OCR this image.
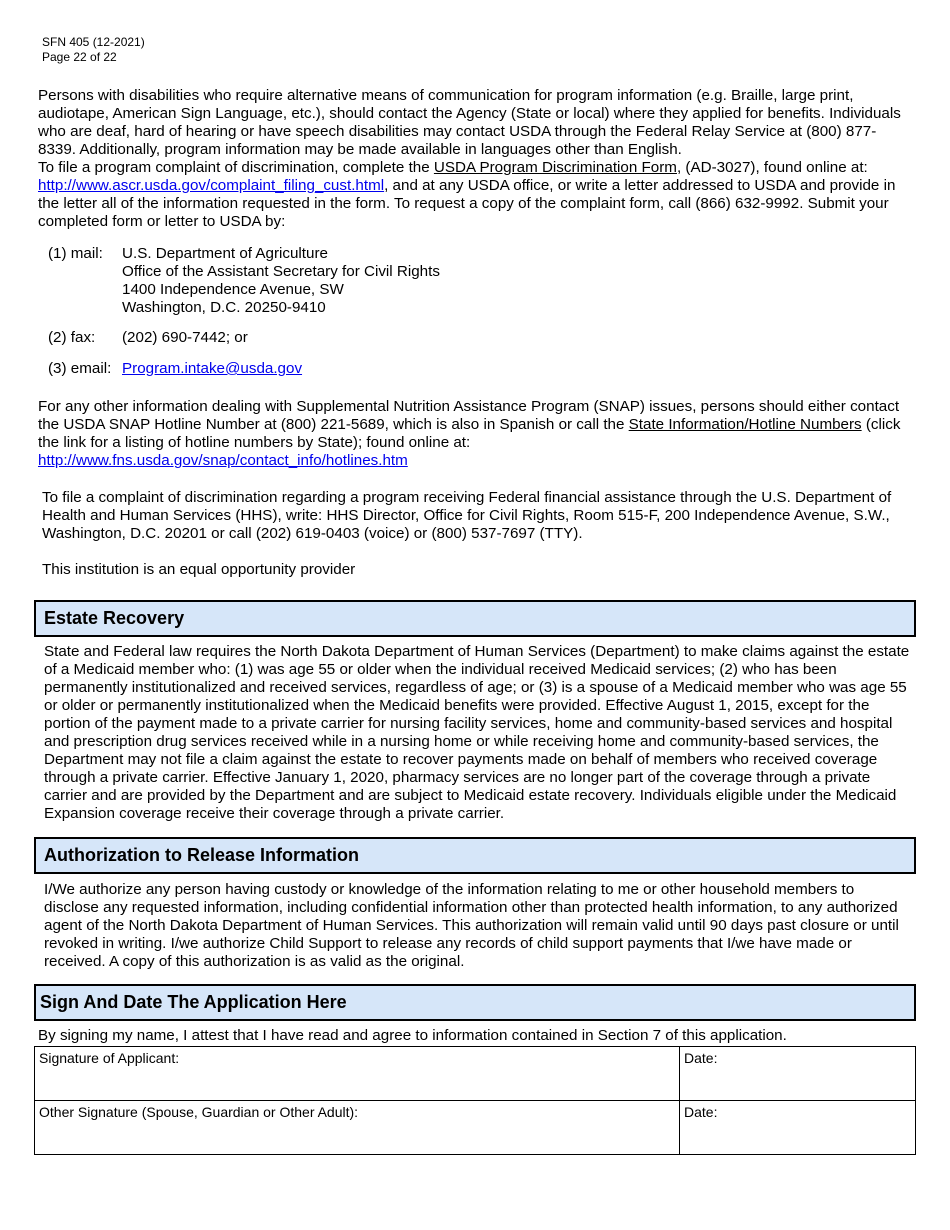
SFN 405 (12-2021)
Page 22 of 22
Persons with disabilities who require alternative means of communication for program information (e.g. Braille, large print, audiotape, American Sign Language, etc.), should contact the Agency (State or local) where they applied for benefits. Individuals who are deaf, hard of hearing or have speech disabilities may contact USDA through the Federal Relay Service at (800) 877-8339. Additionally, program information may be made available in languages other than English.
To file a program complaint of discrimination, complete the USDA Program Discrimination Form, (AD-3027), found online at: http://www.ascr.usda.gov/complaint_filing_cust.html, and at any USDA office, or write a letter addressed to USDA and provide in the letter all of the information requested in the form. To request a copy of the complaint form, call (866) 632-9992. Submit your completed form or letter to USDA by:
(1) mail: U.S. Department of Agriculture
Office of the Assistant Secretary for Civil Rights
1400 Independence Avenue, SW
Washington, D.C. 20250-9410
(2) fax: (202) 690-7442; or
(3) email: Program.intake@usda.gov
For any other information dealing with Supplemental Nutrition Assistance Program (SNAP) issues, persons should either contact the USDA SNAP Hotline Number at (800) 221-5689, which is also in Spanish or call the State Information/Hotline Numbers (click the link for a listing of hotline numbers by State); found online at:
http://www.fns.usda.gov/snap/contact_info/hotlines.htm
To file a complaint of discrimination regarding a program receiving Federal financial assistance through the U.S. Department of Health and Human Services (HHS), write: HHS Director, Office for Civil Rights, Room 515-F, 200 Independence Avenue, S.W., Washington, D.C. 20201 or call (202) 619-0403 (voice) or (800) 537-7697 (TTY).
This institution is an equal opportunity provider
Estate Recovery
State and Federal law requires the North Dakota Department of Human Services (Department) to make claims against the estate of a Medicaid member who: (1) was age 55 or older when the individual received Medicaid services; (2) who has been permanently institutionalized and received services, regardless of age; or (3) is a spouse of a Medicaid member who was age 55 or older or permanently institutionalized when the Medicaid benefits were provided. Effective August 1, 2015, except for the portion of the payment made to a private carrier for nursing facility services, home and community-based services and hospital and prescription drug services received while in a nursing home or while receiving home and community-based services, the Department may not file a claim against the estate to recover payments made on behalf of members who received coverage through a private carrier. Effective January 1, 2020, pharmacy services are no longer part of the coverage through a private carrier and are provided by the Department and are subject to Medicaid estate recovery. Individuals eligible under the Medicaid Expansion coverage receive their coverage through a private carrier.
Authorization to Release Information
I/We authorize any person having custody or knowledge of the information relating to me or other household members to disclose any requested information, including confidential information other than protected health information, to any authorized agent of the North Dakota Department of Human Services. This authorization will remain valid until 90 days past closure or until revoked in writing. I/we authorize Child Support to release any records of child support payments that I/we have made or received. A copy of this authorization is as valid as the original.
Sign And Date The Application Here
By signing my name, I attest that I have read and agree to information contained in Section 7 of this application.
Signature of Applicant:	Date:
Other Signature (Spouse, Guardian or Other Adult):	Date:
